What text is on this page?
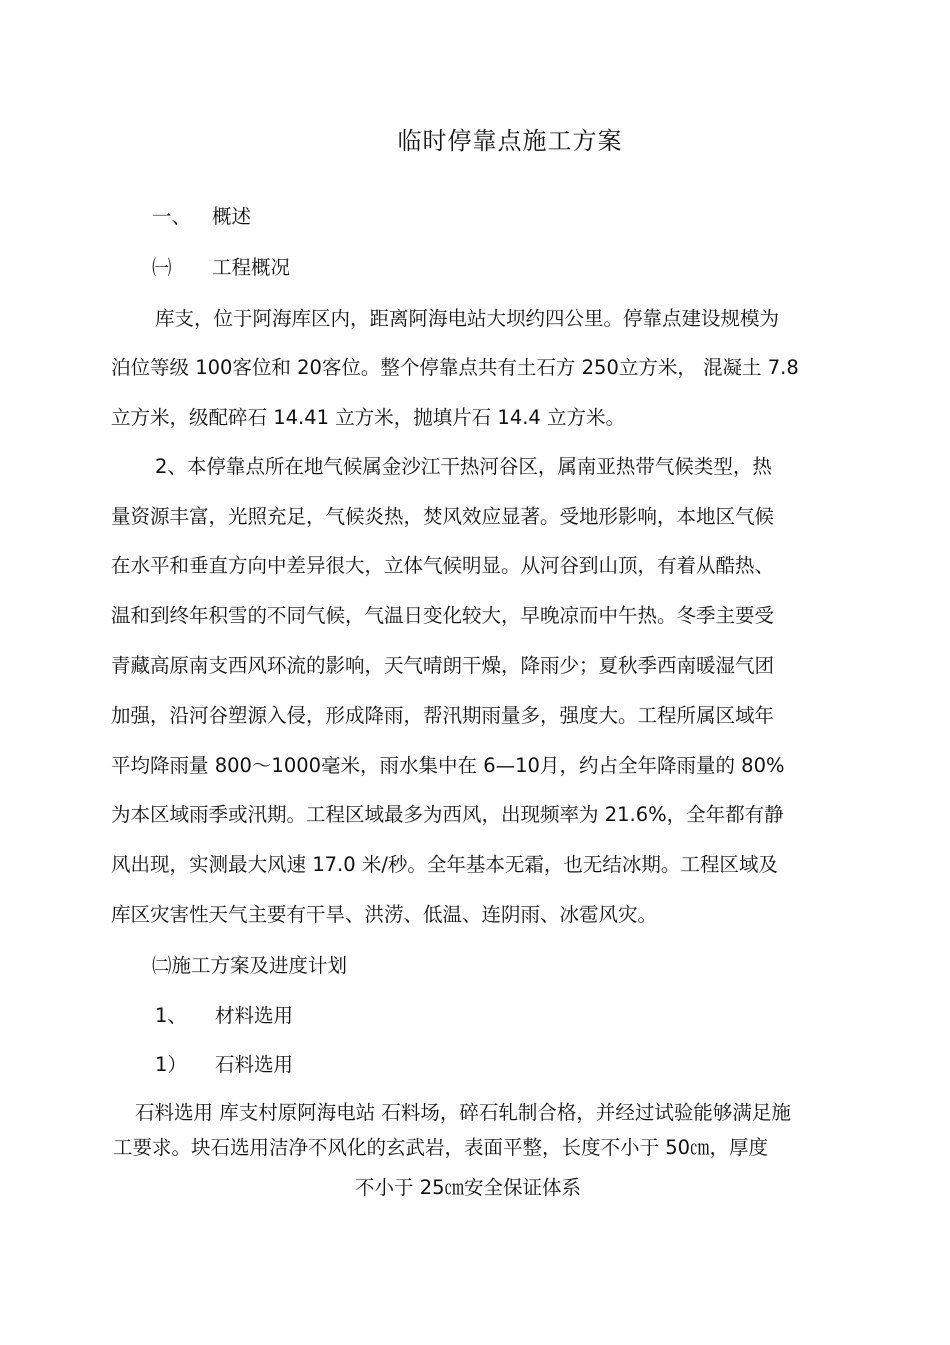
临时停靠点施工方案
一、 概述
㈠ 工程概况
库支，位于阿海库区内，距离阿海电站大坝约四公里。停靠点建设规模为
泊位等级 100客位和 20客位。整个停靠点共有土石方 250立方米， 混凝土 7.8
立方米，级配碎石 14.41 立方米，抛填片石 14.4 立方米。
2、本停靠点所在地气候属金沙江干热河谷区，属南亚热带气候类型，热
量资源丰富，光照充足，气候炎热，焚风效应显著。受地形影响，本地区气候
在水平和垂直方向中差异很大，立体气候明显。从河谷到山顶，有着从酷热、
温和到终年积雪的不同气候，气温日变化较大，早晚凉而中午热。冬季主要受
青藏高原南支西风环流的影响，天气晴朗干燥，降雨少；夏秋季西南暖湿气团
加强，沿河谷塑源入侵，形成降雨，帮汛期雨量多，强度大。工程所属区域年
平均降雨量 800～1000毫米，雨水集中在 6—10月，约占全年降雨量的 80%
为本区域雨季或汛期。工程区域最多为西风，出现频率为 21.6%，全年都有静
风出现，实测最大风速 17.0 米/秒。全年基本无霜，也无结冰期。工程区域及
库区灾害性天气主要有干旱、洪涝、低温、连阴雨、冰雹风灾。
㈡施工方案及进度计划
1、 材料选用
1） 石料选用
石料选用 库支村原阿海电站 石料场，碎石轧制合格，并经过试验能够满足施
工要求。块石选用洁净不风化的玄武岩，表面平整，长度不小于 50㎝，厚度
不小于 25㎝安全保证体系
